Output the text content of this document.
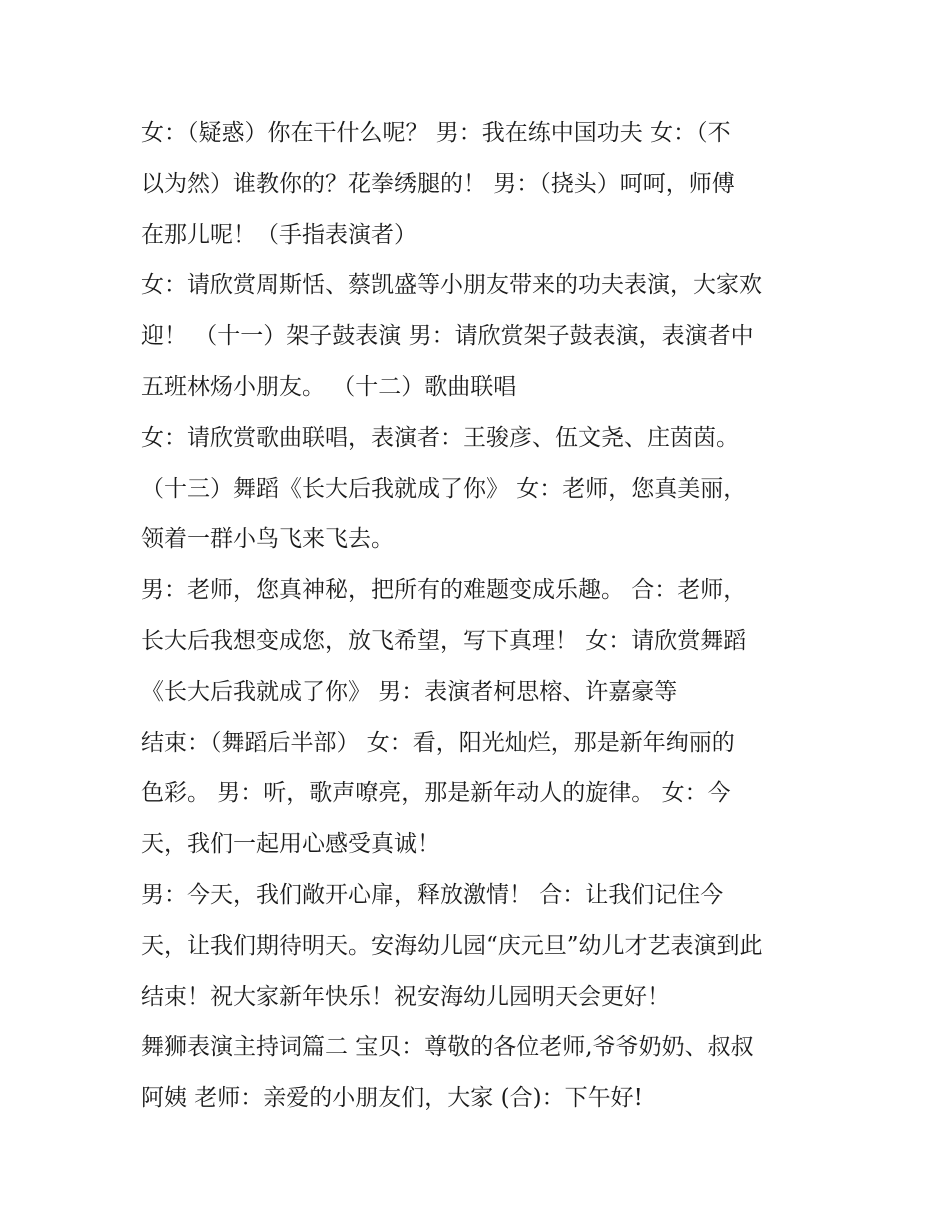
女：（疑惑）你在干什么呢？ 男：我在练中国功夫 女：（不
以为然）谁教你的？花拳绣腿的！ 男：（挠头）呵呵，师傅
在那儿呢！（手指表演者）
女：请欣赏周斯恬、蔡凯盛等小朋友带来的功夫表演，大家欢
迎！ （十一）架子鼓表演 男：请欣赏架子鼓表演，表演者中
五班林炀小朋友。 （十二）歌曲联唱
女：请欣赏歌曲联唱，表演者：王骏彦、伍文尧、庄茵茵。
（十三）舞蹈《长大后我就成了你》 女：老师，您真美丽，
领着一群小鸟飞来飞去。
男：老师，您真神秘，把所有的难题变成乐趣。 合：老师，
长大后我想变成您，放飞希望，写下真理！ 女：请欣赏舞蹈
《长大后我就成了你》 男：表演者柯思榕、许嘉豪等
结束：（舞蹈后半部） 女：看，阳光灿烂，那是新年绚丽的
色彩。 男：听，歌声嘹亮，那是新年动人的旋律。 女：今
天，我们一起用心感受真诚！
男：今天，我们敞开心扉，释放激情！ 合：让我们记住今
天，让我们期待明天。安海幼儿园“庆元旦”幼儿才艺表演到此
结束！祝大家新年快乐！祝安海幼儿园明天会更好！
舞狮表演主持词篇二 宝贝：尊敬的各位老师,爷爷奶奶、叔叔
阿姨 老师：亲爱的小朋友们，大家 (合)：下午好!
